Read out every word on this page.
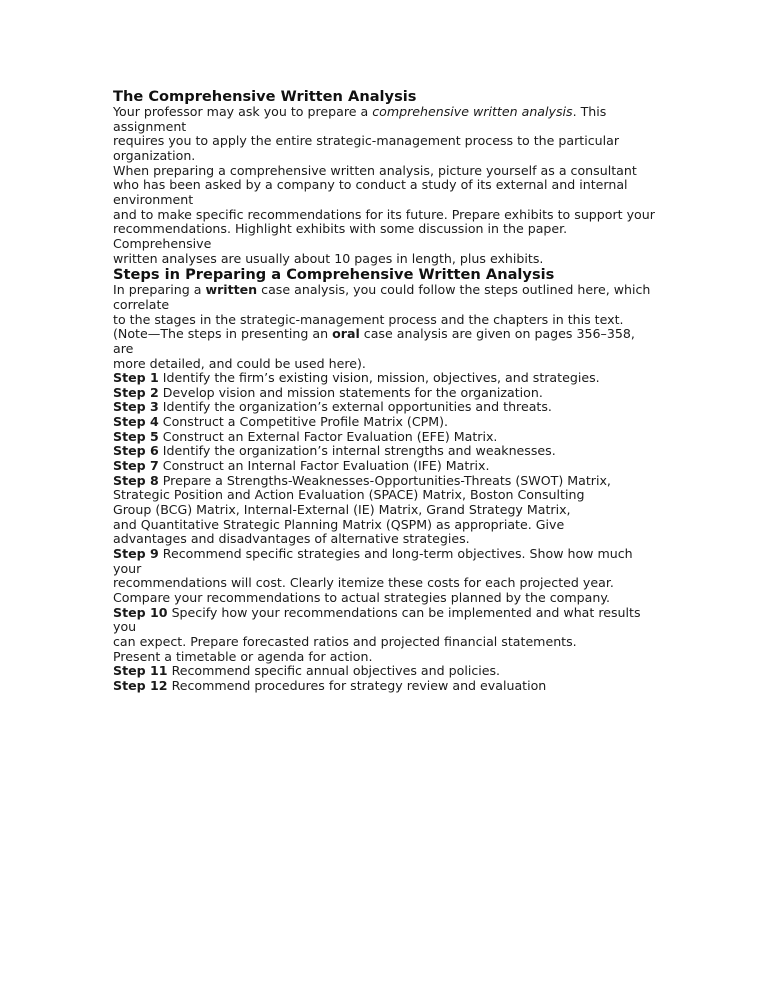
The Comprehensive Written Analysis
Your professor may ask you to prepare a comprehensive written analysis. This
assignment
requires you to apply the entire strategic-management process to the particular
organization.
When preparing a comprehensive written analysis, picture yourself as a consultant
who has been asked by a company to conduct a study of its external and internal
environment
and to make specific recommendations for its future. Prepare exhibits to support your
recommendations. Highlight exhibits with some discussion in the paper.
Comprehensive
written analyses are usually about 10 pages in length, plus exhibits.
Steps in Preparing a Comprehensive Written Analysis
In preparing a written case analysis, you could follow the steps outlined here, which
correlate
to the stages in the strategic-management process and the chapters in this text.
(Note—The steps in presenting an oral case analysis are given on pages 356–358,
are
more detailed, and could be used here).
Step 1 Identify the firm’s existing vision, mission, objectives, and strategies.
Step 2 Develop vision and mission statements for the organization.
Step 3 Identify the organization’s external opportunities and threats.
Step 4 Construct a Competitive Profile Matrix (CPM).
Step 5 Construct an External Factor Evaluation (EFE) Matrix.
Step 6 Identify the organization’s internal strengths and weaknesses.
Step 7 Construct an Internal Factor Evaluation (IFE) Matrix.
Step 8 Prepare a Strengths-Weaknesses-Opportunities-Threats (SWOT) Matrix,
Strategic Position and Action Evaluation (SPACE) Matrix, Boston Consulting
Group (BCG) Matrix, Internal-External (IE) Matrix, Grand Strategy Matrix,
and Quantitative Strategic Planning Matrix (QSPM) as appropriate. Give
advantages and disadvantages of alternative strategies.
Step 9 Recommend specific strategies and long-term objectives. Show how much
your
recommendations will cost. Clearly itemize these costs for each projected year.
Compare your recommendations to actual strategies planned by the company.
Step 10 Specify how your recommendations can be implemented and what results
you
can expect. Prepare forecasted ratios and projected financial statements.
Present a timetable or agenda for action.
Step 11 Recommend specific annual objectives and policies.
Step 12 Recommend procedures for strategy review and evaluation
